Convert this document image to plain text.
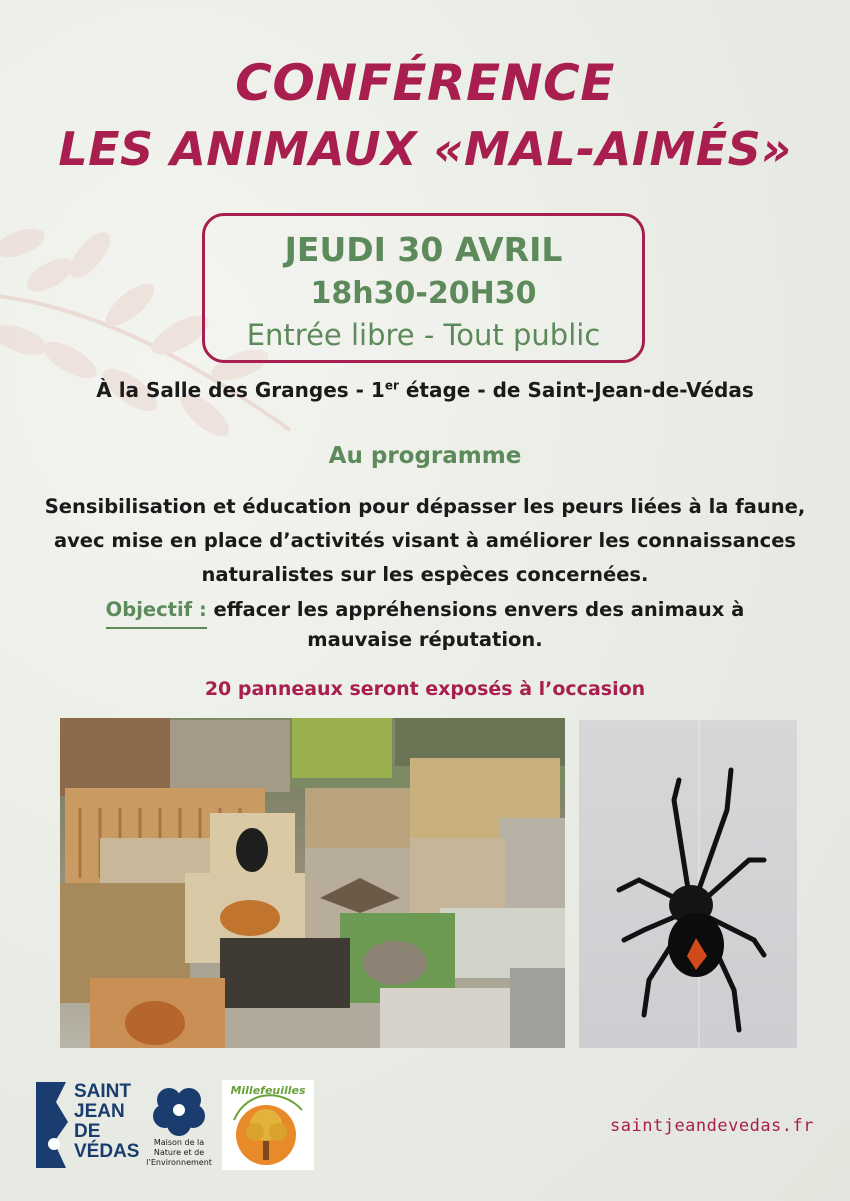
CONFÉRENCE
LES ANIMAUX «MAL-AIMÉS»

JEUDI 30 AVRIL

18h30-20H30

Entrée libre - Tout public

À la Salle des Granges - 1er étage - de Saint-Jean-de-Védas
Au programme
Sensibilisation et éducation pour dépasser les peurs liées à la faune, avec mise en place d’activités visant à améliorer les connaissances naturalistes sur les espèces concernées.
Objectif : effacer les appréhensions envers des animaux à mauvaise réputation.
20 panneaux seront exposés à l’occasion
SAINT
JEAN
DE
VÉDAS	Maison de la Nature et de l’Environnement
Millefeuilles
saintjeandevedas.fr
